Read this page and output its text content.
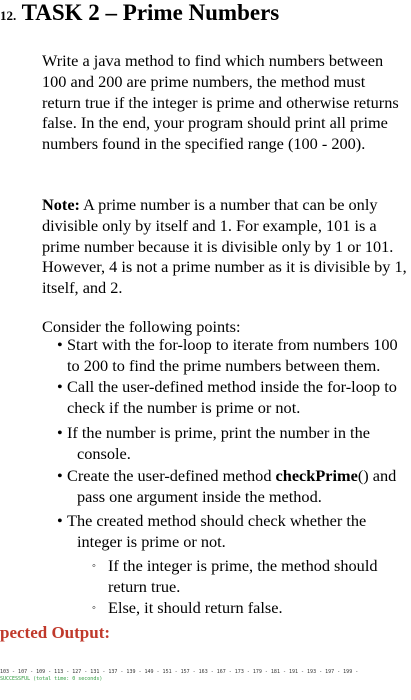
12. TASK 2 – Prime Numbers
Write a java method to find which numbers between 100 and 200 are prime numbers, the method must return true if the integer is prime and otherwise returns false. In the end, your program should print all prime numbers found in the specified range (100 - 200).
Note: A prime number is a number that can be only divisible only by itself and 1. For example, 101 is a prime number because it is divisible only by 1 or 101. However, 4 is not a prime number as it is divisible by 1, itself, and 2.
Consider the following points:
• Start with the for-loop to iterate from numbers 100 to 200 to find the prime numbers between them.
• Call the user-defined method inside the for-loop to check if the number is prime or not.
• If the number is prime, print the number in the console.
• Create the user-defined method checkPrime() and pass one argument inside the method.
• The created method should check whether the integer is prime or not.
◦ If the integer is prime, the method should return true.
◦ Else, it should return false.
pected Output:
103 - 107 - 109 - 113 - 127 - 131 - 137 - 139 - 149 - 151 - 157 - 163 - 167 - 173 - 179 - 181 - 191 - 193 - 197 - 199 -
SUCCESSFUL (total time: 0 seconds)
